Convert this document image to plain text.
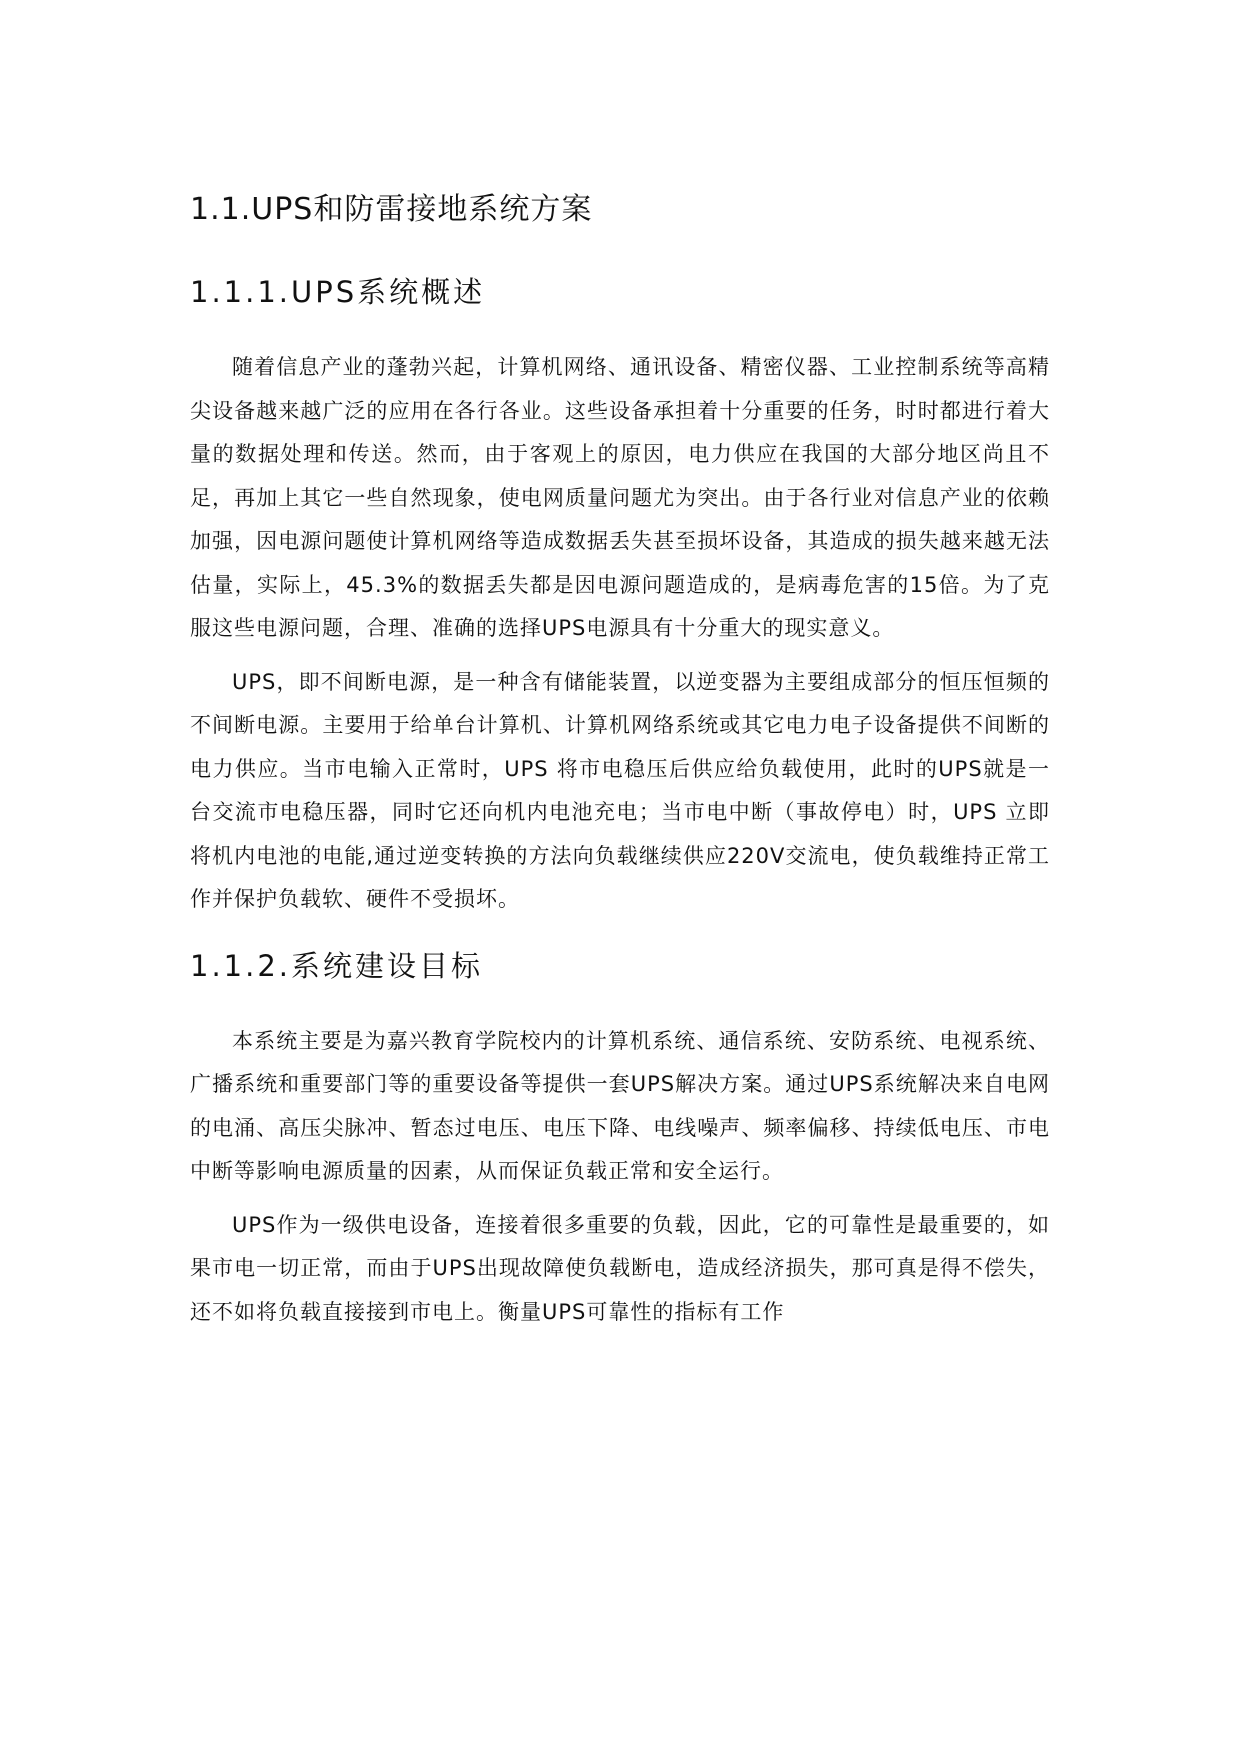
1.1.UPS和防雷接地系统方案
1.1.1.UPS系统概述

随着信息产业的蓬勃兴起，计算机网络、通讯设备、精密仪器、工业控制系统等高精尖设备越来越广泛的应用在各行各业。这些设备承担着十分重要的任务，时时都进行着大量的数据处理和传送。然而，由于客观上的原因，电力供应在我国的大部分地区尚且不足，再加上其它一些自然现象，使电网质量问题尤为突出。由于各行业对信息产业的依赖加强，因电源问题使计算机网络等造成数据丢失甚至损坏设备，其造成的损失越来越无法估量，实际上，45.3%的数据丢失都是因电源问题造成的，是病毒危害的15倍。为了克服这些电源问题，合理、准确的选择UPS电源具有十分重大的现实意义。

UPS，即不间断电源，是一种含有储能装置，以逆变器为主要组成部分的恒压恒频的不间断电源。主要用于给单台计算机、计算机网络系统或其它电力电子设备提供不间断的电力供应。当市电输入正常时，UPS 将市电稳压后供应给负载使用，此时的UPS就是一台交流市电稳压器，同时它还向机内电池充电；当市电中断（事故停电）时，UPS 立即将机内电池的电能,通过逆变转换的方法向负载继续供应220V交流电，使负载维持正常工作并保护负载软、硬件不受损坏。

1.1.2.系统建设目标

本系统主要是为嘉兴教育学院校内的计算机系统、通信系统、安防系统、电视系统、广播系统和重要部门等的重要设备等提供一套UPS解决方案。通过UPS系统解决来自电网的电涌、高压尖脉冲、暂态过电压、电压下降、电线噪声、频率偏移、持续低电压、市电中断等影响电源质量的因素，从而保证负载正常和安全运行。

UPS作为一级供电设备，连接着很多重要的负载，因此，它的可靠性是最重要的，如果市电一切正常，而由于UPS出现故障使负载断电，造成经济损失，那可真是得不偿失，还不如将负载直接接到市电上。衡量UPS可靠性的指标有工作
